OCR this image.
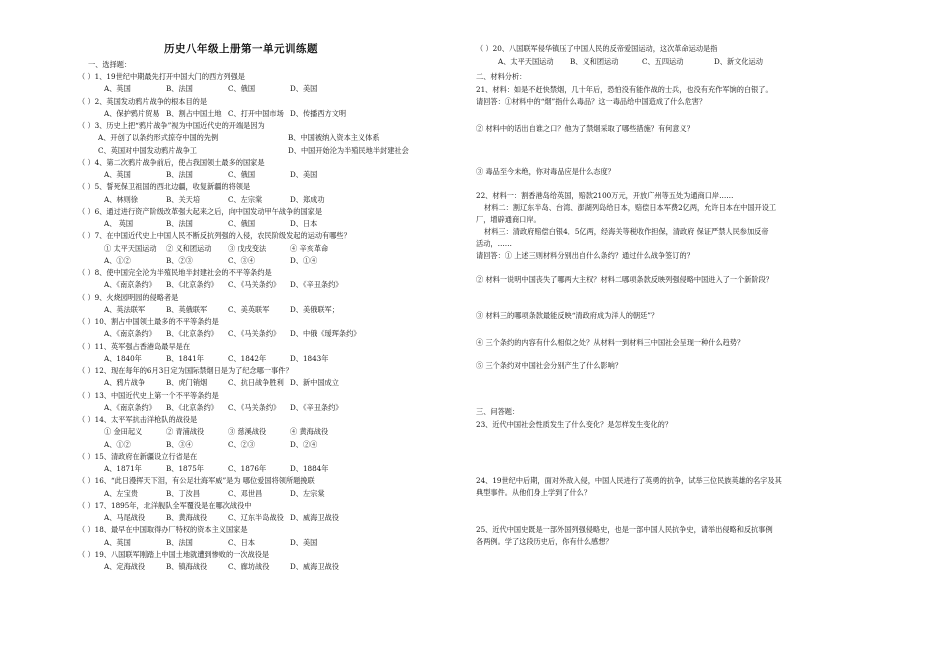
历史八年级上册第一单元训练题
一、选择题：
（ ）1、19世纪中期最先打开中国大门的西方列强是
A、英国	B、法国	C、俄国	D、美国
（ ）2、英国发动鸦片战争的根本目的是
A、保护鸦片贸易 B、割占中国土地 C、打开中国市场 D、传播西方文明
（ ）3、历史上把“鸦片战争”视为中国近代史的开端是因为
A、开创了以条约形式掠夺中国的先例	B、中国被纳入资本主义体系
C、英国对中国发动鸦片战争工	D、中国开始沦为半殖民地半封建社会
（ ）4、第二次鸦片战争前后，使占我国领土最多的国家是
A、英国	B、法国	C、俄国	D、美国
（ ）5、誓死保卫祖国的西北边疆，收复新疆的将领是
A、林则徐	B、关天培	C、左宗棠	D、郑成功
（ ）6、通过进行资产阶级改革强大起来之后，向中国发动甲午战争的国家是
A、 英国	B、法国	C、俄国	D、日本
（ ）7、在中国近代史上中国人民不断反抗列强的入侵，农民阶级发起的运动有哪些？
① 太平天国运动 ② 义和团运动 ③ 戊戌变法	④ 辛亥革命
A、①②	B、②③	C、③④	D、①④
（ ）8、使中国完全沦为半殖民地半封建社会的不平等条约是
A、《南京条约》 B、《北京条约》 C、《马关条约》 D、《辛丑条约》
（ ）9、火烧园明园的侵略者是
A、英法联军	B、英俄联军	C、美英联军	D、美俄联军；
（ ）10、割占中国领土最多的不平等条约是
A、《南京条约》 B、《北京条约》 C、《马关条约》 D、中俄《瑷珲条约》
（ ）11、英军强占香港岛最早是在
A、1840年	B、1841年	C、1842年	D、1843年
（ ）12、现在每年的6月3日定为国际禁烟日是为了纪念哪一事件？
A、鸦片战争	B、虎门销烟	C、抗日战争胜利 D、新中国成立
（ ）13、中国近代史上第一个不平等条约是
A、《南京条约》 B、《北京条约》 C、《马关条约》 D、《辛丑条约》
（ ）14、太平军抗击洋枪队的战役是
① 金田起义	② 青浦战役	③ 慈溪战役	④ 黄海战役
A、①②	B、③④	C、②③	D、②④
（ ）15、清政府在新疆设立行省是在
A、1871年	B、1875年	C、1876年	D、1884年
（ ）16、“此日漫挥天下泪，有公足壮海军威”是为 哪位爱国将领所题挽联
A、左宝贵	B、丁汝昌	C、邓世昌	D、左宗棠
（ ）17、1895年，北洋舰队全军覆没是在哪次战役中
A、马尾战役	B、黄海战役	C、辽东半岛战役 D、威海卫战役
（ ）18、最早在中国取得办厂特权的资本主义国家是
A、英国	B、法国	C、日本	D、美国
（ ）19、八国联军刚踏上中国土地就遭到惨败的一次战役是
A、定海战役	B、镇海战役	C、廊坊战役	D、威海卫战役
（ ）20、八国联军侵华镇压了中国人民的反帝爱国运动，这次革命运动是指
A、太平天国运动 B、义和团运动	C、五四运动	D、新文化运动
二、材料分析：
21、材料：如是不赶快禁烟，几十年后，恐怕没有能作战的士兵，也没有充作军饷的白银了。
请回答：①材料中的“烟”指什么毒品？这一毒品给中国造成了什么危害？
② 材料中的话出自谁之口？他为了禁烟采取了哪些措施？有何意义？
③ 毒品至今未绝，你对毒品应是什么态度？
22、材料一：割香港岛给英国，赔款2100万元，开放广州等五处为通商口岸……
材料二：割辽东半岛、台湾、澎湖列岛给日本，赔偿日本军费2亿两，允许日本在中国开设工
厂，增辟通商口岸。
材料三：清政府赔偿白银4．5亿两，经海关等税收作担保，清政府 保证严禁人民参加反帝
活动，……
请回答：① 上述三则材料分别出自什么条约？通过什么战争签订的？
② 材料一说明中国丧失了哪两大主权？材料二哪项条款反映列强侵略中国进入了一个新阶段？
③ 材料三的哪项条款最能反映“清政府成为洋人的朝廷”？
④ 三个条约的内容有什么相似之处？从材料一到材料三中国社会呈现一种什么趋势？
⑤ 三个条约对中国社会分别产生了什么影响？
三、问答题：
23、近代中国社会性质发生了什么变化？是怎样发生变化的？
24、19世纪中后期，面对外敌入侵，中国人民进行了英勇的抗争，试举三位民族英雄的名字及其
典型事件。从他们身上学到了什么？
25、近代中国史既是一部外国列强侵略史，也是一部中国人民抗争史，请举出侵略和反抗事例
各两例。学了这段历史后，你有什么感想？
